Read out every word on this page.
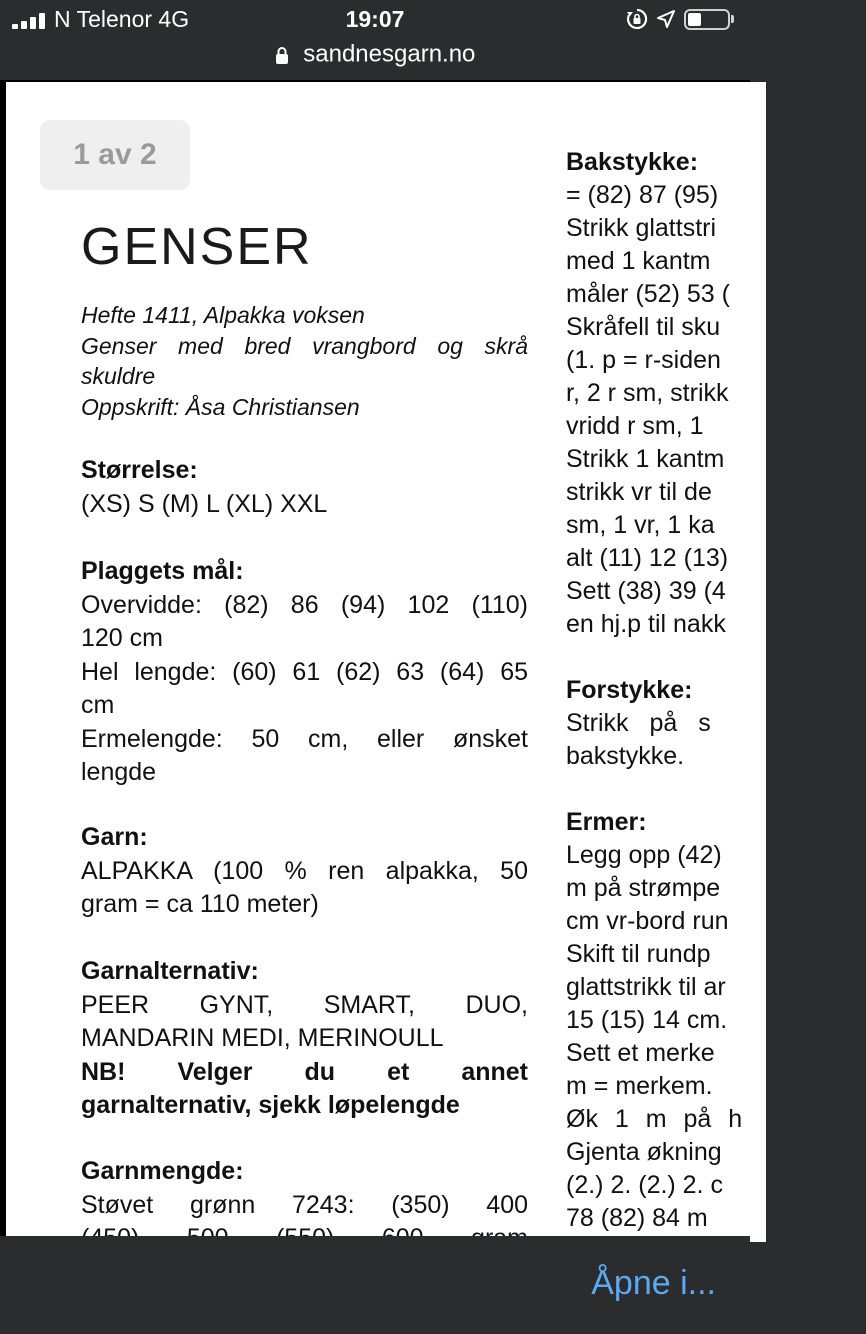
N Telenor 4G	19:07
sandnesgarn.no
1 av 2
GENSER
Hefte 1411, Alpakka voksen
Genser med bred vrangbord og skrå
skuldre
Oppskrift: Åsa Christiansen
Størrelse:
(XS) S (M) L (XL) XXL
Plaggets mål:
Overvidde: (82) 86 (94) 102 (110)
120 cm
Hel lengde: (60) 61 (62) 63 (64) 65
cm
Ermelengde: 50 cm, eller ønsket
lengde
Garn:
ALPAKKA (100 % ren alpakka, 50
gram = ca 110 meter)
Garnalternativ:
PEER GYNT, SMART, DUO,
MANDARIN MEDI, MERINOULL
NB! Velger du et annet
garnalternativ, sjekk løpelengde
Garnmengde:
Støvet grønn 7243: (350) 400
Bakstykke:
= (82) 87 (95)
Strikk glattstri
med 1 kantm
måler (52) 53 (
Skråfell til sku
(1. p = r-siden
r, 2 r sm, strikk
vridd r sm, 1
Strikk 1 kantm
strikk vr til de
sm, 1 vr, 1 ka
alt (11) 12 (13)
Sett (38) 39 (4
en hj.p til nakk
Forstykke:
Strikk på s
bakstykke.
Ermer:
Legg opp (42)
m på strømpe
cm vr-bord run
Skift til rundp
glattstrikk til ar
15 (15) 14 cm.
Sett et merke
m = merkem.
Øk 1 m på h
Gjenta økning
(2.) 2. (2.) 2. c
78 (82) 84 m
Åpne i...
